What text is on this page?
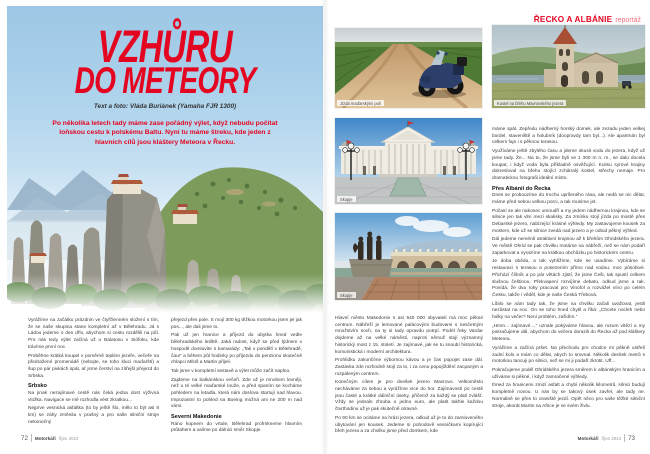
VZHŮRU
DO METEORY
Text a foto: Vláda Buriánek (Yamaha FJR 1300)
Po několika letech tady máme zase pořádný výlet, když nebudu počítat loňskou cestu k polskému Baltu. Nyní tu máme štreku, kde jeden z hlavních cílů jsou kláštery Meteora v Řecku.

Vyrážíme na začátku prázdnin ve čtyřčlenném složení s tím, že se naše skupina stane kompletní až v Bělehradu. Já s Ládou jedeme o den dřív, abychom si cestu rozdělili na půl. Pro nás tedy výlet začíná už u Balatonu v Siófoku, kde trávíme první noc.

Proběhne krátká koupel v poměrně teplém jezeře, večeře na předražené promenádě (nebojte, se toho kluci maďarští) a šup po pár pivkách spát, ať jsme čerství na zítřejší přejezd do Srbska.

Srbsko

Na jinak nezajímavé cestě nás čeká jedna dost výživná vložka. Navigace se mě rozhodla vést zkratkou...

Nejprve vesnická asfaltka (to by ještě šlo, mělo to být asi 8 km) se záhy změnila v prašný a pro naše silniční stroje nekonečný

přejezd přes pole. S mojí 300 kg těžkou motorkou jsem jel jak pos..., ale dali jsme to.

Pak už jen hranice a příjezd do ubytka hned vedle bělehradského letiště. Jaká radost, když se před týdnem v hospodě domluvíte s kamarády: „Tak v pondělí v Bělehradě, čau!“ a během půl hodinky po příjezdu do penzionu skutečně chlapci Miloš a Martin přijeli.

Tak jsme v kompletní sestavě a výlet může začít naplno.

Zajdeme na balkánskou večeři. Zde už je mnohem levněji, než u té velké maďarské louže, a před spaním se kocháme pohledem na letadla, která nám doslova startují nad hlavou. Impozantní to pohled na Boeing možná ani ne 200 m nad vámi.

Severní Makedonie

Ráno kopnem do vrtule, Bělehrad profrnkneme hlavním průtahem a valíme po dálnici směr Skopje.

72 Motorkáři říjen 2024
ŘECKO A ALBÁNIE reportáž
Jízda maďarskými poli	Kostel na břehu Mavrovského jezera
Skopje
Skopje

Hlavní město Makedonie s asi 540 000 obyvateli má moc pěkné centrum. Nábřeží je lemované palácovými budovami s nesčetným množstvím soch, na ty si tady opravdu potrpí. Podél řeky Vardar dojdeme až na velké náměstí, naproti němuž stojí významný historický most z 15. století. Je zajímavé, jak se tu snoubí historická, komunistická i moderní architektura.

Prohlídku zakončíme výbornou kávou a je čas popojet zase dál. Zastávka zde rozhodně stojí za to, i za cenu popojíždění zacpaným a rozpáleným centrem.

Konečným cílem je pro dnešek jezero Mavrovo. Velkoměsto necháváme za sebou a vyrážíme více do hor. Zajímavostí po cestě jsou časté a krátké dálniční úseky, přičemž za každý se platí zvlášť. Vždy se jednalo zhruba o jedno euro, ale platit takhle každou čtvrthodinu už je pak skutečně otravné.

Po 90 km se ocitáme na hrázi jezera, odkud už je to do zamluveného ubytování jen kousek. Jedeme si pohodově vesničkami kopírující břeh jezera a za chvilku jsme před domkem, kde

máme spát. Zepředu nádherný horský domek, ale zezadu jeden velkej bordel, staveniště a holubník (doopravdy tam byl...). Ale apartmán byl celkem fajn i s pěknou terasou.

Využíváme ještě zbylého času a jdeme okusit vodu do jezera, když už jsme tady. Že... Na to, že jsme byli ve 1 300 m n. m., se dalo docela koupat, i když voda byla příkladně osvěžující. Kulisu syrové krajiny dokresloval na břehu stojící zchátralý kostel, střechy nemaje. Pro dramatickou fotografii ideální místo.

Přes Albánii do Řecka

Dnes se probouzíme do trochu upršeného rána, ale nedá se nic dělat, máme před sebou velkou porci, a tak musíme jet.

Počasí se ale nakonec umoudří a my jedem nádhernou krajinou, kde se silnice jen tak vlní mezi skalisky. Za zmínku stojí jízda po mostě přes Debarské jezero, nabízející krásné výhledy. My zastavujeme kousek za mostem, kde už se silnice zvedá nad jezero a je odtud pěkný výhled.

Dál jedeme neméně atraktivní krajinou až k břehům Ohridského jezera. Ve městě Ohrid se pak chvilku motáme na nábřeží, než se nám podaří zaparkovat a vyrazíme na krátkou obchůzku po historickém centru.

Je doba oběda, a tak vyhlížíme, kde se usadíme. Vybíráme si restauraci s terasou a posezením přímo nad vodou, moc působivé. Přichází číšník a po pár větách zjistí, že jsme Češi, tak spustí celkem slušnou češtinou. Překvapení rozvíjíme debatu, odkud jsme a tak. Povídá, že dva roky pracoval pro Vinofol a rozvážel víno po celém Česku, takže i věděl, kde je naše Česká Třebová.

Líbilo se nám tady tak, že jsme na chvilku začali uvažovat, jestli nezůstat na noc. On se toho hned chytil a říká: „Chcete nocleh nebo holky na večer? Není problém, zařídím.“

„Hmm... zajímavé...,“ uznale pokýváme hlavou, ale rozum vítězí a my pokračujeme dál, abychom do večera dorazili do Řecka až pod kláštery Meteora.

Vyrážíme a začíná pršet. Na přechodu pro chodce mi pěkně ustřelí zadní kolo a mám co dělat, abych to srovnal. Několik desítek metrů s motorkou tancuji po silnici, než se mi ji podaří zkrotit. Uff...

Pokračujeme podél Ohridského jezera směrem k albánským hranicím a užíváme si pěkné, i když zamračené výhledy.

Ihned za hranicemi zmizí asfalt a chybí několik kilometrů, silnici budují kompletně novou. U nás by se takový úsek zavřel, ale tady ne. Normálně se přes to oraniště jezdí. Opět něco pro naše těžké silniční stroje, akorát Martin na Africe je ve svém živlu.

Motorkáři říjen 2024 73
